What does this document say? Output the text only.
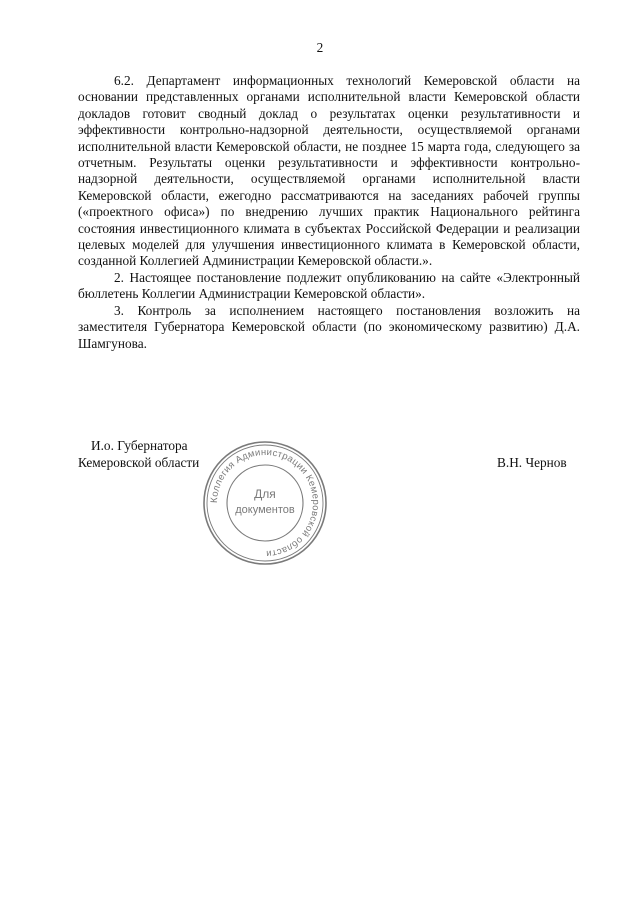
2

6.2. Департамент информационных технологий Кемеровской области на основании представленных органами исполнительной власти Кемеровской области докладов готовит сводный доклад о результатах оценки результативности и эффективности контрольно-надзорной деятельности, осуществляемой органами исполнительной власти Кемеровской области, не позднее 15 марта года, следующего за отчетным. Результаты оценки результативности и эффективности контрольно-надзорной деятельности, осуществляемой органами исполнительной власти Кемеровской области, ежегодно рассматриваются на заседаниях рабочей группы («проектного офиса») по внедрению лучших практик Национального рейтинга состояния инвестиционного климата в субъектах Российской Федерации и реализации целевых моделей для улучшения инвестиционного климата в Кемеровской области, созданной Коллегией Администрации Кемеровской области.».

2. Настоящее постановление подлежит опубликованию на сайте «Электронный бюллетень Коллегии Администрации Кемеровской области».

3. Контроль за исполнением настоящего постановления возложить на заместителя Губернатора Кемеровской области (по экономическому развитию) Д.А. Шамгунова.

И.о. Губернатора
Кемеровской области	В.Н. Чернов
Коллегия Администрации Кемеровской области
Для
документов
